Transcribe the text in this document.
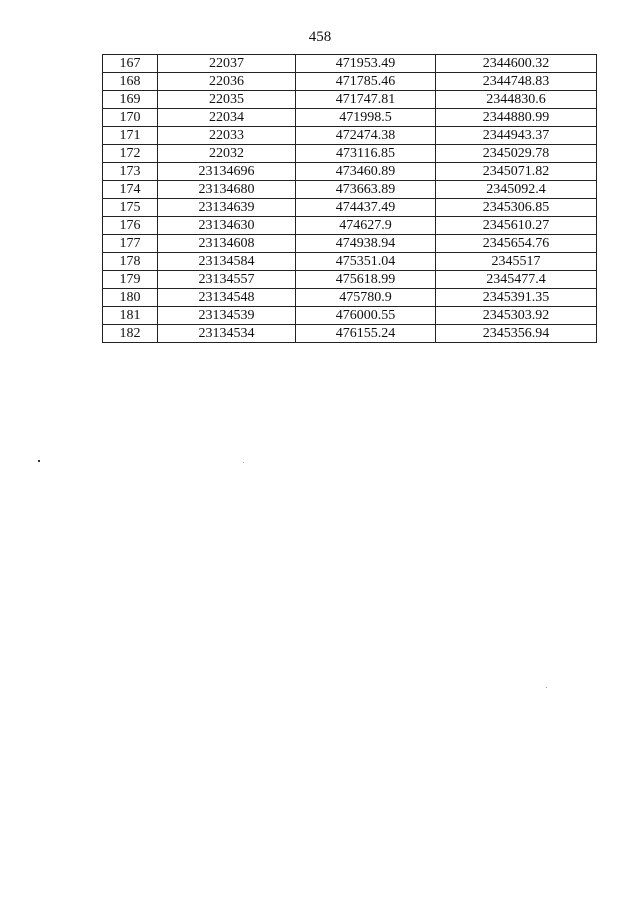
458
167	22037	471953.49	2344600.32
168	22036	471785.46	2344748.83
169	22035	471747.81	2344830.6
170	22034	471998.5	2344880.99
171	22033	472474.38	2344943.37
172	22032	473116.85	2345029.78
173	23134696	473460.89	2345071.82
174	23134680	473663.89	2345092.4
175	23134639	474437.49	2345306.85
176	23134630	474627.9	2345610.27
177	23134608	474938.94	2345654.76
178	23134584	475351.04	2345517
179	23134557	475618.99	2345477.4
180	23134548	475780.9	2345391.35
181	23134539	476000.55	2345303.92
182	23134534	476155.24	2345356.94
